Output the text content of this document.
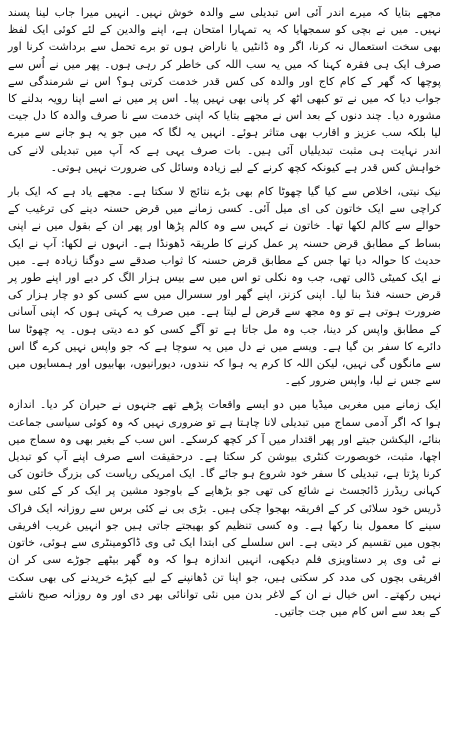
مجھے بتایا کہ میرے اندر آئی اس تبدیلی سے والدہ خوش نہیں۔ انہیں میرا جاب لینا پسند نہیں۔ میں نے بچی کو سمجھایا کہ یہ تمہارا امتحان ہے، اپنے والدین کے لئے کوئی ایک لفظ بھی سخت استعمال نہ کرنا، اگر وہ ڈانٹیں یا ناراض ہوں تو برے تحمل سے برداشت کرنا اور صرف ایک ہی فقرہ کہنا کہ میں یہ سب اللہ کی خاطر کر رہی ہوں۔ پھر میں نے اُس سے پوچھا کہ گھر کے کام کاج اور والدہ کی کس قدر خدمت کرتی ہو؟ اس نے شرمندگی سے جواب دیا کہ میں نے تو کبھی اٹھ کر پانی بھی نہیں پیا۔ اس پر میں نے اسے اپنا رویہ بدلنے کا مشورہ دیا۔ چند دنوں کے بعد اس نے مجھے بتایا کہ اپنی خدمت سے نا صرف والدہ کا دل جیت لیا بلکہ سب عزیز و اقارب بھی متاثر ہوئے۔ انہیں یہ لگا کہ میں جو یہ ہو جانے سے میرے اندر نہایت ہی مثبت تبدیلیاں آئی ہیں۔ بات صرف یہی ہے کہ آپ میں تبدیلی لانے کی خواہش کس قدر ہے کیونکہ کچھ کرنے کے لیے زیادہ وسائل کی ضرورت نہیں ہوتی۔

نیک نیتی، اخلاص سے کیا گیا چھوٹا کام بھی بڑے نتائج لا سکتا ہے۔ مجھے یاد ہے کہ ایک بار کراچی سے ایک خاتون کی ای میل آئی۔ کسی زمانے میں قرض حسنہ دینے کی ترغیب کے حوالے سے کالم لکھا تھا۔ خاتون نے کہیں سے وہ کالم پڑھا اور پھر ان کے بقول میں نے اپنی بساط کے مطابق قرض حسنہ پر عمل کرنے کا طریقہ ڈھونڈا ہے۔ انہوں نے لکھا: آپ نے ایک حدیث کا حوالہ دیا تھا جس کے مطابق قرض حسنہ کا ثواب صدقے سے دوگنا زیادہ ہے۔ میں نے ایک کمیٹی ڈالی تھی، جب وہ نکلی تو اس میں سے بیس ہزار الگ کر دیے اور اپنے طور پر قرض حسنہ فنڈ بنا لیا۔ اپنی کزنز، اپنے گھر اور سسرال میں سے کسی کو دو چار ہزار کی ضرورت ہوتی ہے تو وہ مجھ سے قرض لے لیتا ہے۔ میں صرف یہ کہتی ہوں کہ اپنی آسانی کے مطابق واپس کر دینا، جب وہ مل جاتا ہے تو آگے کسی کو دے دیتی ہوں۔ یہ چھوٹا سا دائرے کا سفر بن گیا ہے۔ ویسے میں نے دل میں یہ سوچا ہے کہ جو واپس نہیں کرے گا اس سے مانگوں گی نہیں، لیکن اللہ کا کرم یہ ہوا کہ نندوں، دیورانیوں، بھابیوں اور ہمسایوں میں سے جس نے لیا، واپس ضرور کیے۔

ایک زمانے میں مغربی میڈیا میں دو ایسے واقعات پڑھے تھے جنہوں نے حیران کر دیا۔ اندازہ ہوا کہ اگر آدمی سماج میں تبدیلی لانا چاہتا ہے تو ضروری نہیں کہ وہ کوئی سیاسی جماعت بنائے، الیکشن جیتے اور پھر اقتدار میں آ کر کچھ کرسکے۔ اس سب کے بغیر بھی وہ سماج میں اچھا، مثبت، خوبصورت کنٹری بیوشن کر سکتا ہے۔ درحقیقت اسے صرف اپنے آپ کو تبدیل کرنا پڑتا ہے، تبدیلی کا سفر خود شروع ہو جائے گا۔ ایک امریکی ریاست کی بزرگ خاتون کی کہانی ریڈرز ڈائجسٹ نے شائع کی تھی جو بڑھاپے کے باوجود مشین پر ایک کر کے کئی سو ڈریس خود سلائی کر کے افریقہ بھجوا چکی ہیں۔ بڑی بی نے کئی برس سے روزانہ ایک فراک سینے کا معمول بنا رکھا ہے۔ وہ کسی تنظیم کو بھیجتے جاتی ہیں جو انہیں غریب افریقی بچوں میں تقسیم کر دیتی ہے۔ اس سلسلے کی ابتدا ایک ٹی وی ڈاکومینٹری سے ہوئی، خاتون نے ٹی وی پر دستاویزی فلم دیکھی، انہیں اندازہ ہوا کہ وہ گھر بیٹھے جوڑے سی کر ان افریقی بچوں کی مدد کر سکتی ہیں، جو اپنا تن ڈھانپنے کے لیے کپڑے خریدنے کی بھی سکت نہیں رکھتے۔ اس خیال نے ان کے لاغر بدن میں نئی توانائی بھر دی اور وہ روزانہ صبح ناشتے کے بعد سے اس کام میں جت جاتیں۔
